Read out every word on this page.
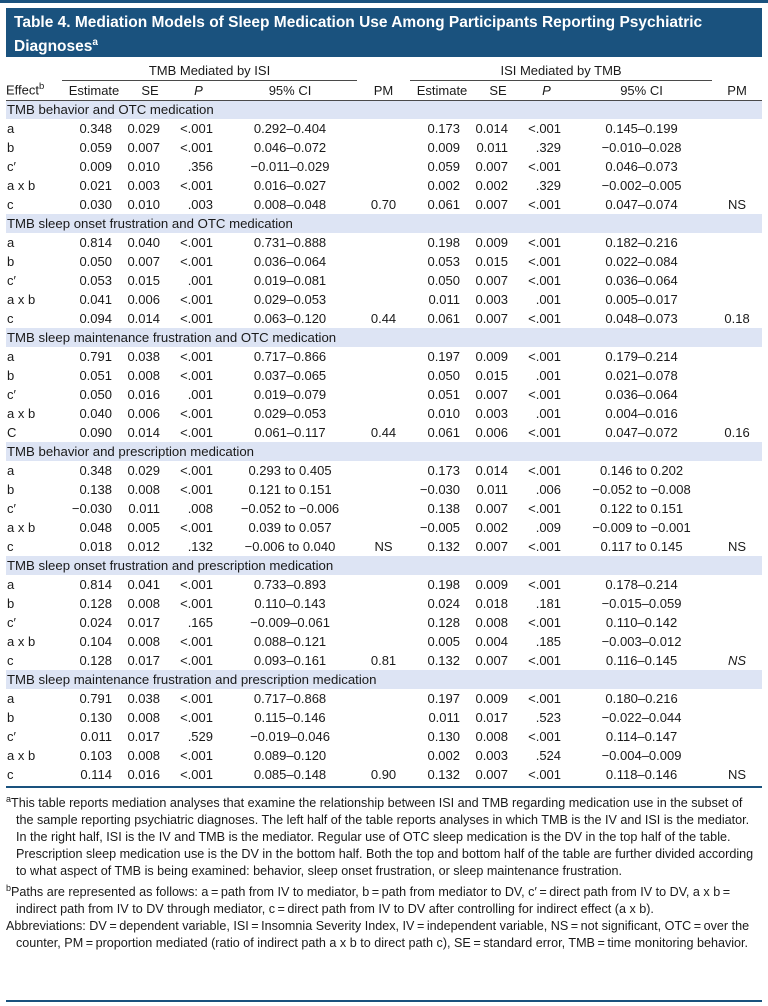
Table 4. Mediation Models of Sleep Medication Use Among Participants Reporting Psychiatric Diagnoses$^a$
	TMB Mediated by ISI					ISI Mediated by TMB				
Effect$^b$	Estimate	SE	P	95% CI	PM	Estimate	SE	P	95% CI	PM
TMB behavior and OTC medication										
a	0.348	0.029	<.001	0.292–0.404		0.173	0.014	<.001	0.145–0.199	
b	0.059	0.007	<.001	0.046–0.072		0.009	0.011	.329	−0.010–0.028	
c′	0.009	0.010	.356	−0.011–0.029		0.059	0.007	<.001	0.046–0.073	
a x b	0.021	0.003	<.001	0.016–0.027		0.002	0.002	.329	−0.002–0.005	
c	0.030	0.010	.003	0.008–0.048	0.70	0.061	0.007	<.001	0.047–0.074	NS
TMB sleep onset frustration and OTC medication										
a	0.814	0.040	<.001	0.731–0.888		0.198	0.009	<.001	0.182–0.216	
b	0.050	0.007	<.001	0.036–0.064		0.053	0.015	<.001	0.022–0.084	
c′	0.053	0.015	.001	0.019–0.081		0.050	0.007	<.001	0.036–0.064	
a x b	0.041	0.006	<.001	0.029–0.053		0.011	0.003	.001	0.005–0.017	
c	0.094	0.014	<.001	0.063–0.120	0.44	0.061	0.007	<.001	0.048–0.073	0.18
TMB sleep maintenance frustration and OTC medication										
a	0.791	0.038	<.001	0.717–0.866		0.197	0.009	<.001	0.179–0.214	
b	0.051	0.008	<.001	0.037–0.065		0.050	0.015	.001	0.021–0.078	
c′	0.050	0.016	.001	0.019–0.079		0.051	0.007	<.001	0.036–0.064	
a x b	0.040	0.006	<.001	0.029–0.053		0.010	0.003	.001	0.004–0.016	
C	0.090	0.014	<.001	0.061–0.117	0.44	0.061	0.006	<.001	0.047–0.072	0.16
TMB behavior and prescription medication										
a	0.348	0.029	<.001	0.293 to 0.405		0.173	0.014	<.001	0.146 to 0.202	
b	0.138	0.008	<.001	0.121 to 0.151		−0.030	0.011	.006	−0.052 to −0.008	
c′	−0.030	0.011	.008	−0.052 to −0.006		0.138	0.007	<.001	0.122 to 0.151	
a x b	0.048	0.005	<.001	0.039 to 0.057		−0.005	0.002	.009	−0.009 to −0.001	
c	0.018	0.012	.132	−0.006 to 0.040	NS	0.132	0.007	<.001	0.117 to 0.145	NS
TMB sleep onset frustration and prescription medication										
a	0.814	0.041	<.001	0.733–0.893		0.198	0.009	<.001	0.178–0.214	
b	0.128	0.008	<.001	0.110–0.143		0.024	0.018	.181	−0.015–0.059	
c′	0.024	0.017	.165	−0.009–0.061		0.128	0.008	<.001	0.110–0.142	
a x b	0.104	0.008	<.001	0.088–0.121		0.005	0.004	.185	−0.003–0.012	
c	0.128	0.017	<.001	0.093–0.161	0.81	0.132	0.007	<.001	0.116–0.145	NS
TMB sleep maintenance frustration and prescription medication										
a	0.791	0.038	<.001	0.717–0.868		0.197	0.009	<.001	0.180–0.216	
b	0.130	0.008	<.001	0.115–0.146		0.011	0.017	.523	−0.022–0.044	
c′	0.011	0.017	.529	−0.019–0.046		0.130	0.008	<.001	0.114–0.147	
a x b	0.103	0.008	<.001	0.089–0.120		0.002	0.003	.524	−0.004–0.009	
c	0.114	0.016	<.001	0.085–0.148	0.90	0.132	0.007	<.001	0.118–0.146	NS

$^a$This table reports mediation analyses that examine the relationship between ISI and TMB regarding medication use in the subset of the sample reporting psychiatric diagnoses. The left half of the table reports analyses in which TMB is the IV and ISI is the mediator. In the right half, ISI is the IV and TMB is the mediator. Regular use of OTC sleep medication is the DV in the top half of the table. Prescription sleep medication use is the DV in the bottom half. Both the top and bottom half of the table are further divided according to what aspect of TMB is being examined: behavior, sleep onset frustration, or sleep maintenance frustration.

$^b$Paths are represented as follows: a = path from IV to mediator, b = path from mediator to DV, c′ = direct path from IV to DV, a x b = indirect path from IV to DV through mediator, c = direct path from IV to DV after controlling for indirect effect (a x b).

Abbreviations: DV = dependent variable, ISI = Insomnia Severity Index, IV = independent variable, NS = not significant, OTC = over the counter, PM = proportion mediated (ratio of indirect path a x b to direct path c), SE = standard error, TMB = time monitoring behavior.
